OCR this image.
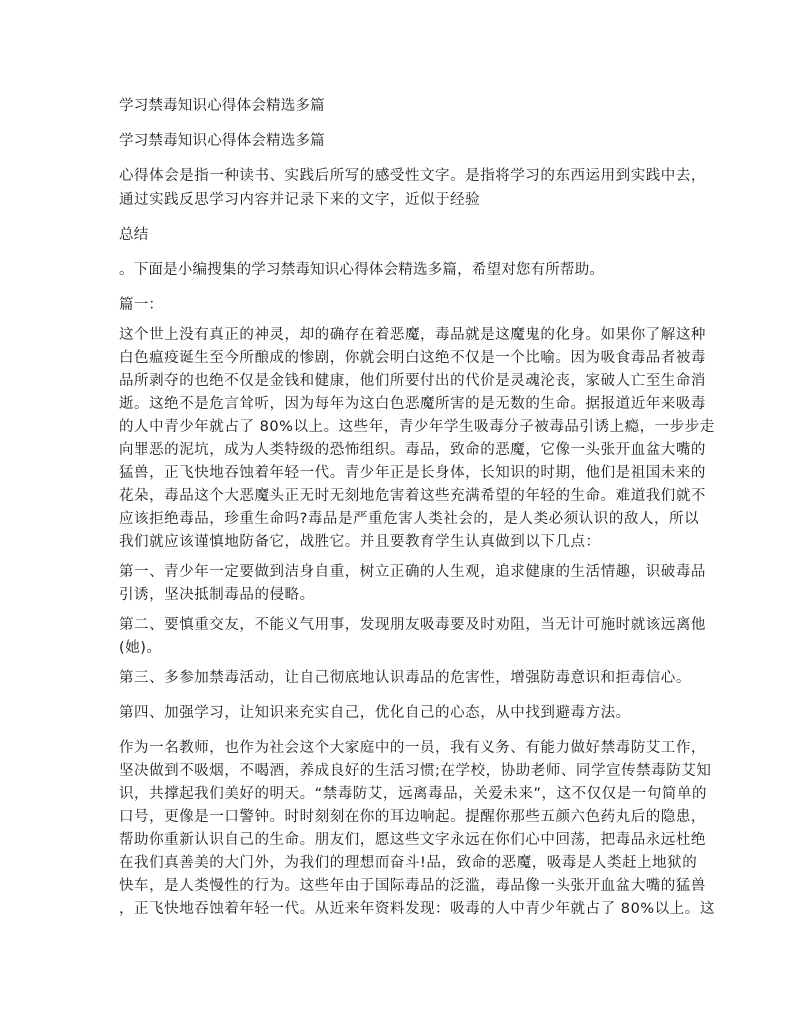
学习禁毒知识心得体会精选多篇
学习禁毒知识心得体会精选多篇
心得体会是指一种读书、实践后所写的感受性文字。是指将学习的东西运用到实践中去，
通过实践反思学习内容并记录下来的文字，近似于经验
总结
。下面是小编搜集的学习禁毒知识心得体会精选多篇，希望对您有所帮助。
篇一：
这个世上没有真正的神灵，却的确存在着恶魔，毒品就是这魔鬼的化身。如果你了解这种
白色瘟疫诞生至今所酿成的惨剧，你就会明白这绝不仅是一个比喻。因为吸食毒品者被毒
品所剥夺的也绝不仅是金钱和健康，他们所要付出的代价是灵魂沦丧，家破人亡至生命消
逝。这绝不是危言耸听，因为每年为这白色恶魔所害的是无数的生命。据报道近年来吸毒
的人中青少年就占了 80%以上。这些年，青少年学生吸毒分子被毒品引诱上瘾，一步步走
向罪恶的泥坑，成为人类特级的恐怖组织。毒品，致命的恶魔，它像一头张开血盆大嘴的
猛兽，正飞快地吞蚀着年轻一代。青少年正是长身体，长知识的时期，他们是祖国未来的
花朵，毒品这个大恶魔头正无时无刻地危害着这些充满希望的年轻的生命。难道我们就不
应该拒绝毒品，珍重生命吗?毒品是严重危害人类社会的，是人类必须认识的敌人，所以
我们就应该谨慎地防备它，战胜它。并且要教育学生认真做到以下几点：
第一、青少年一定要做到洁身自重，树立正确的人生观，追求健康的生活情趣，识破毒品
引诱，坚决抵制毒品的侵略。
第二、要慎重交友，不能义气用事，发现朋友吸毒要及时劝阻，当无计可施时就该远离他
(她)。
第三、多参加禁毒活动，让自己彻底地认识毒品的危害性，增强防毒意识和拒毒信心。
第四、加强学习，让知识来充实自己，优化自己的心态，从中找到避毒方法。
作为一名教师，也作为社会这个大家庭中的一员，我有义务、有能力做好禁毒防艾工作，
坚决做到不吸烟，不喝酒，养成良好的生活习惯;在学校，协助老师、同学宣传禁毒防艾知
识，共撑起我们美好的明天。“禁毒防艾，远离毒品，关爱未来”，这不仅仅是一句简单的
口号，更像是一口警钟。时时刻刻在你的耳边响起。提醒你那些五颜六色药丸后的隐患，
帮助你重新认识自己的生命。朋友们，愿这些文字永远在你们心中回荡，把毒品永远杜绝
在我们真善美的大门外，为我们的理想而奋斗!品，致命的恶魔，吸毒是人类赶上地狱的
快车，是人类慢性的行为。这些年由于国际毒品的泛滥，毒品像一头张开血盆大嘴的猛兽
，正飞快地吞蚀着年轻一代。从近来年资料发现：吸毒的人中青少年就占了 80%以上。这
